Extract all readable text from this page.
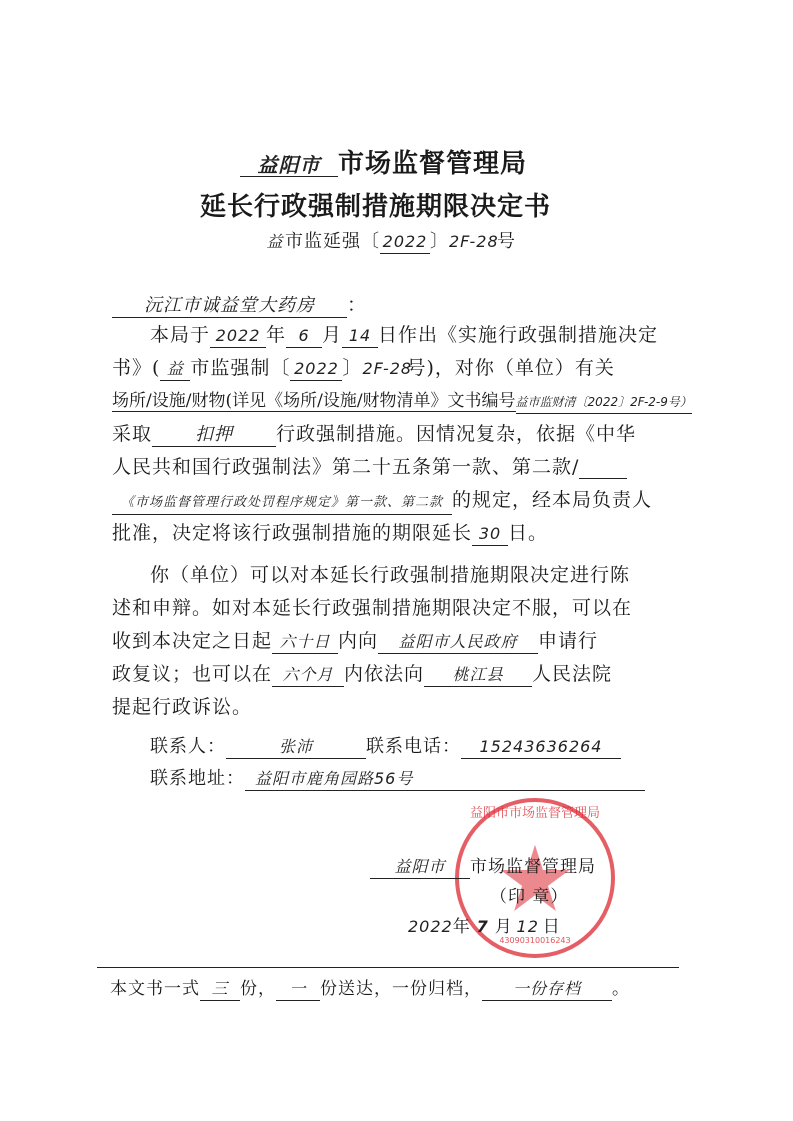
益阳市 市场监督管理局
延长行政强制措施期限决定书
益市监延强〔 2022 〕2F-28号
沅江市诚益堂大药房 ：
本局于 2022 年 6 月 14 日作出《实施行政强制措施决定
书》( 益 市监强制〔 2022 〕2F-28号)，对你（单位）有关
场所/设施/财物(详见《场所/设施/财物清单》文书编号益市监财清〔2022〕2F-2-9号）
采取 扣押 行政强制措施。因情况复杂，依据《中华
人民共和国行政强制法》第二十五条第一款、第二款/
《市场监督管理行政处罚程序规定》第一款、第二款 的规定，经本局负责人
批准，决定将该行政强制措施的期限延长 30 日。
你（单位）可以对本延长行政强制措施期限决定进行陈
述和申辩。如对本延长行政强制措施期限决定不服，可以在
收到本决定之日起 六十日 内向 益阳市人民政府 申请行
政复议；也可以在 六个月 内依法向 桃江县 人民法院
提起行政诉讼。
联系人：	张沛	联系电话： 15243636264
联系地址： 益阳市鹿角园路56号
益阳市市场监督管理局
4309031001624З
益阳市 市场监督管理局
（印 章）
2022年 7 月 12 日
本文书一式 三 份， 一 份送达，一份归档， 一份存档 。
